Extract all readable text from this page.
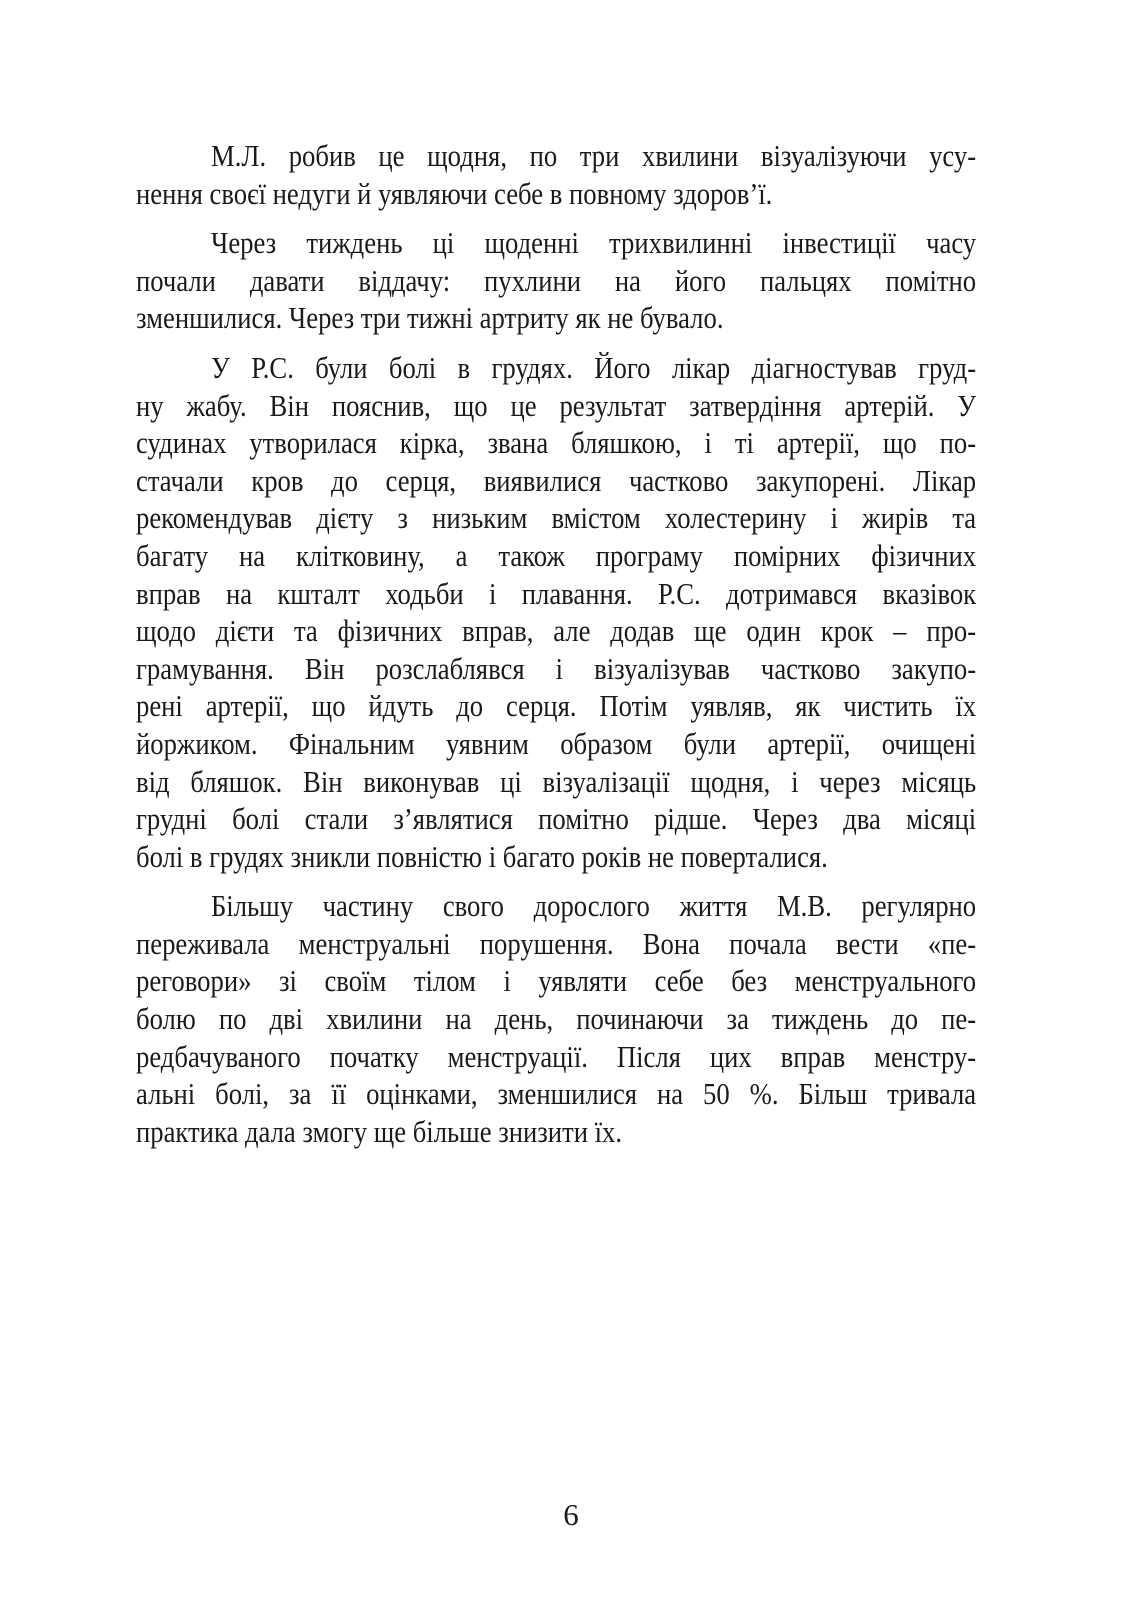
М.Л. робив це щодня, по три хвилини візуалізуючи усу-
нення своєї недуги й уявляючи себе в повному здоров’ї.

Через тиждень ці щоденні трихвилинні інвестиції часу
почали давати віддачу: пухлини на його пальцях помітно
зменшилися. Через три тижні артриту як не бувало.

У Р.С. були болі в грудях. Його лікар діагностував груд-
ну жабу. Він пояснив, що це результат затвердіння артерій. У
судинах утворилася кірка, звана бляшкою, і ті артерії, що по-
стачали кров до серця, виявилися частково закупорені. Лікар
рекомендував дієту з низьким вмістом холестерину і жирів та
багату на клітковину, а також програму помірних фізичних
вправ на кшталт ходьби і плавання. Р.С. дотримався вказівок
щодо дієти та фізичних вправ, але додав ще один крок – про-
грамування. Він розслаблявся і візуалізував частково закупо-
рені артерії, що йдуть до серця. Потім уявляв, як чистить їх
йоржиком. Фінальним уявним образом були артерії, очищені
від бляшок. Він виконував ці візуалізації щодня, і через місяць
грудні болі стали з’являтися помітно рідше. Через два місяці
болі в грудях зникли повністю і багато років не поверталися.

Більшу частину свого дорослого життя М.В. регулярно
переживала менструальні порушення. Вона почала вести «пе-
реговори» зі своїм тілом і уявляти себе без менструального
болю по дві хвилини на день, починаючи за тиждень до пе-
редбачуваного початку менструації. Після цих вправ менстру-
альні болі, за її оцінками, зменшилися на 50 %. Більш тривала
практика дала змогу ще більше знизити їх.

6
